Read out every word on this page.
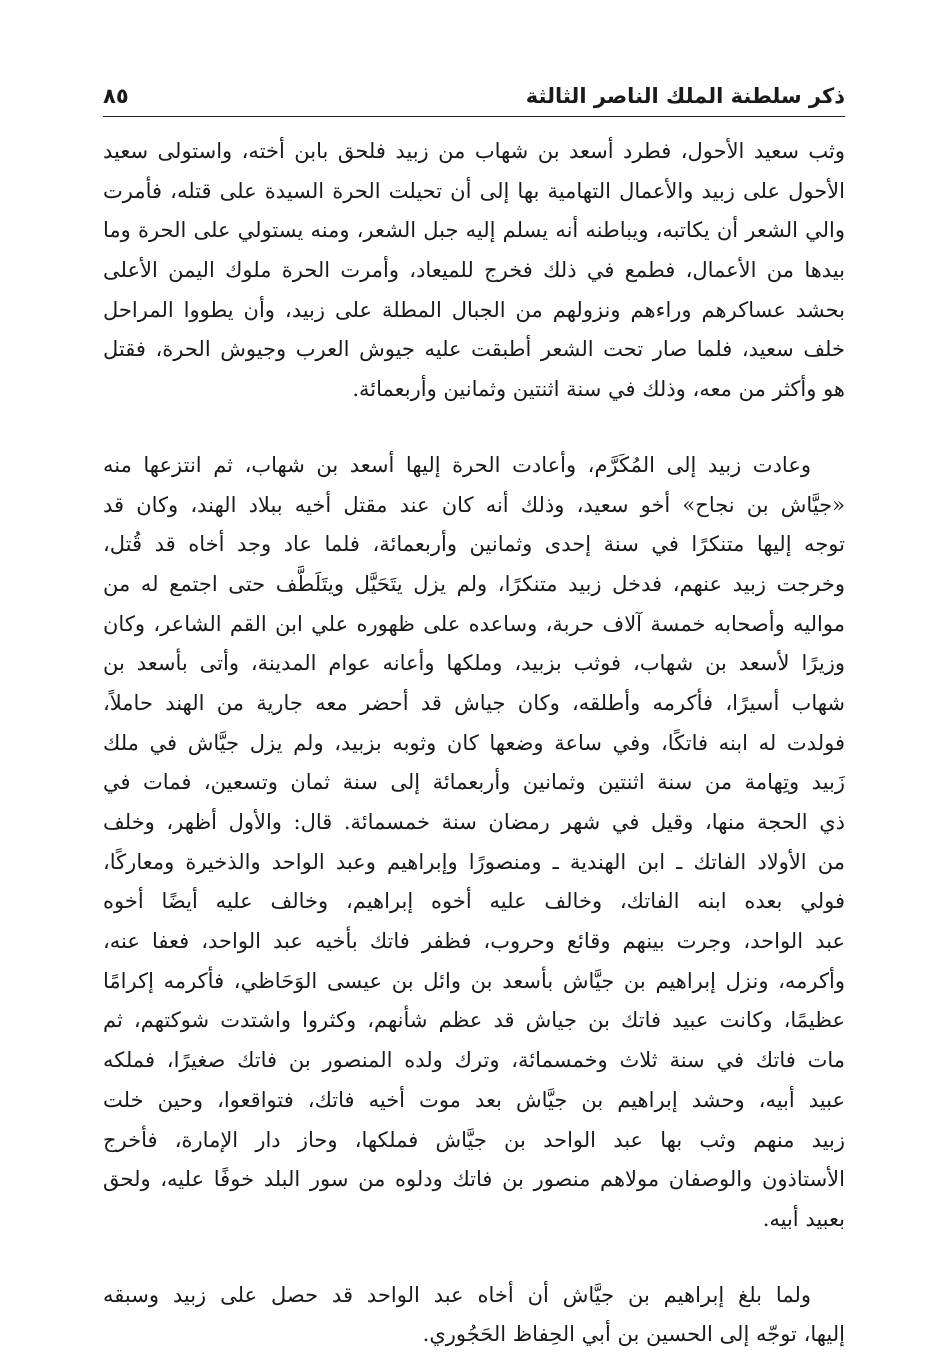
ذكر سلطنة الملك الناصر الثالثة
٨٥
وثب سعيد الأحول، فطرد أسعد بن شهاب من زبيد فلحق بابن أخته، واستولى سعيد
الأحول على زبيد والأعمال التهامية بها إلى أن تحيلت الحرة السيدة على قتله، فأمرت
والي الشعر أن يكاتبه، ويباطنه أنه يسلم إليه جبل الشعر، ومنه يستولي على الحرة وما
بيدها من الأعمال، فطمع في ذلك فخرج للميعاد، وأمرت الحرة ملوك اليمن الأعلى
بحشد عساكرهم وراءهم ونزولهم من الجبال المطلة على زبيد، وأن يطووا المراحل
خلف سعيد، فلما صار تحت الشعر أطبقت عليه جيوش العرب وجيوش الحرة، فقتل
هو وأكثر من معه، وذلك في سنة اثنتين وثمانين وأربعمائة.
وعادت زبيد إلى المُكَرَّم، وأعادت الحرة إليها أسعد بن شهاب، ثم انتزعها منه
«جيَّاش بن نجاح» أخو سعيد، وذلك أنه كان عند مقتل أخيه ببلاد الهند، وكان قد
توجه إليها متنكرًا في سنة إحدى وثمانين وأربعمائة، فلما عاد وجد أخاه قد قُتل،
وخرجت زبيد عنهم، فدخل زبيد متنكرًا، ولم يزل يتَحَيَّل ويتَلَطَّف حتى اجتمع له من
مواليه وأصحابه خمسة آلاف حربة، وساعده على ظهوره علي ابن القم الشاعر، وكان
وزيرًا لأسعد بن شهاب، فوثب بزبيد، وملكها وأعانه عوام المدينة، وأتى بأسعد بن
شهاب أسيرًا، فأكرمه وأطلقه، وكان جياش قد أحضر معه جارية من الهند حاملاً،
فولدت له ابنه فاتكًا، وفي ساعة وضعها كان وثوبه بزبيد، ولم يزل جيَّاش في ملك
زَبيد وتِهامة من سنة اثنتين وثمانين وأربعمائة إلى سنة ثمان وتسعين، فمات في
ذي الحجة منها، وقيل في شهر رمضان سنة خمسمائة. قال: والأول أظهر، وخلف
من الأولاد الفاتك ـ ابن الهندية ـ ومنصورًا وإبراهيم وعبد الواحد والذخيرة ومعاركًا،
فولي بعده ابنه الفاتك، وخالف عليه أخوه إبراهيم، وخالف عليه أيضًا أخوه
عبد الواحد، وجرت بينهم وقائع وحروب، فظفر فاتك بأخيه عبد الواحد، فعفا عنه،
وأكرمه، ونزل إبراهيم بن جيَّاش بأسعد بن وائل بن عيسى الوَحَاظي، فأكرمه إكرامًا
عظيمًا، وكانت عبيد فاتك بن جياش قد عظم شأنهم، وكثروا واشتدت شوكتهم، ثم
مات فاتك في سنة ثلاث وخمسمائة، وترك ولده المنصور بن فاتك صغيرًا، فملكه
عبيد أبيه، وحشد إبراهيم بن جيَّاش بعد موت أخيه فاتك، فتواقعوا، وحين خلت
زبيد منهم وثب بها عبد الواحد بن جيَّاش فملكها، وحاز دار الإمارة، فأخرج
الأستاذون والوصفان مولاهم منصور بن فاتك ودلوه من سور البلد خوفًا عليه، ولحق
بعبيد أبيه.
ولما بلغ إبراهيم بن جيَّاش أن أخاه عبد الواحد قد حصل على زبيد وسبقه
إليها، توجّه إلى الحسين بن أبي الحِفاظ الحَجُوري.
